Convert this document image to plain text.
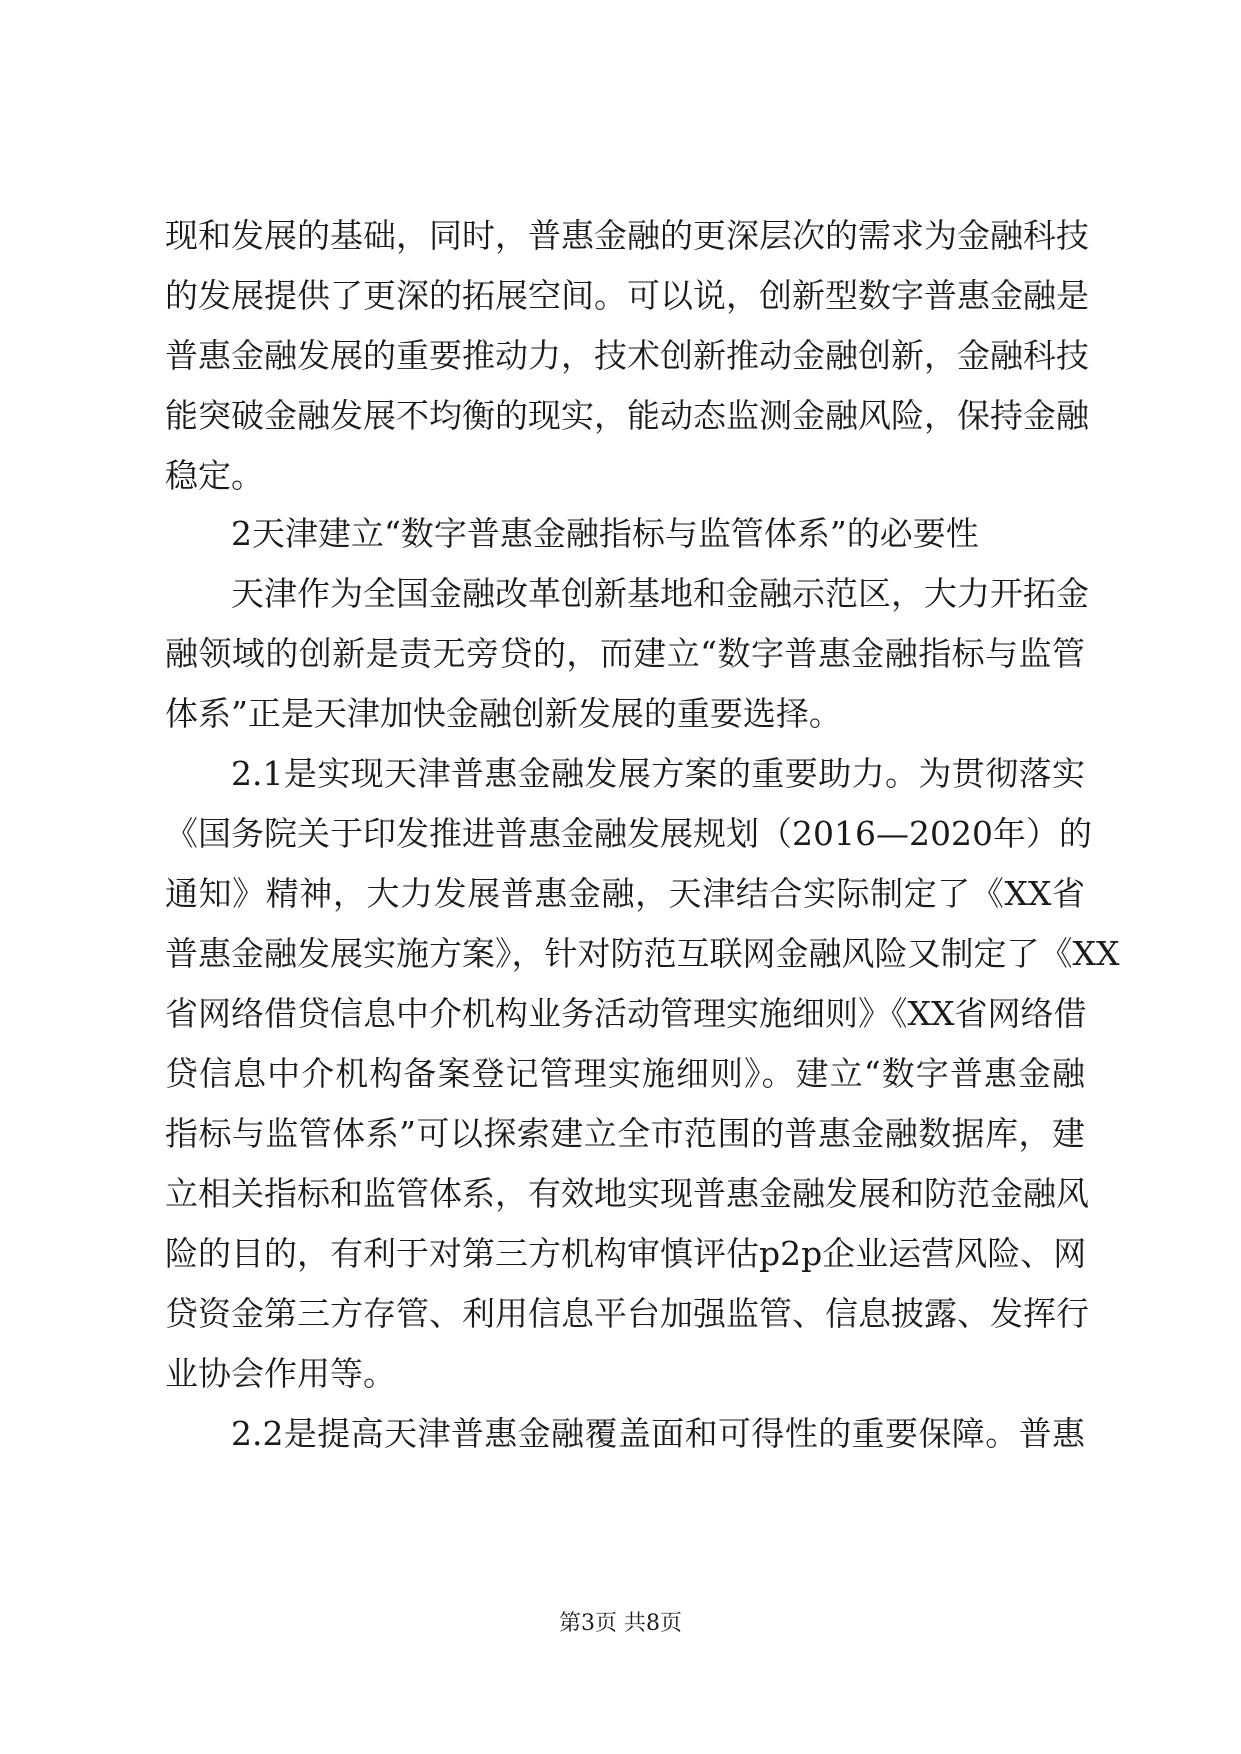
现和发展的基础，同时，普惠金融的更深层次的需求为金融科技
的发展提供了更深的拓展空间。可以说，创新型数字普惠金融是
普惠金融发展的重要推动力，技术创新推动金融创新，金融科技
能突破金融发展不均衡的现实，能动态监测金融风险，保持金融
稳定。
2天津建立“数字普惠金融指标与监管体系”的必要性
天津作为全国金融改革创新基地和金融示范区，大力开拓金
融领域的创新是责无旁贷的，而建立“数字普惠金融指标与监管
体系”正是天津加快金融创新发展的重要选择。
2.1是实现天津普惠金融发展方案的重要助力。为贯彻落实
《国务院关于印发推进普惠金融发展规划（2016—2020年）的
通知》精神，大力发展普惠金融，天津结合实际制定了《XX省
普惠金融发展实施方案》，针对防范互联网金融风险又制定了《XX
省网络借贷信息中介机构业务活动管理实施细则》《XX省网络借
贷信息中介机构备案登记管理实施细则》。建立“数字普惠金融
指标与监管体系”可以探索建立全市范围的普惠金融数据库，建
立相关指标和监管体系，有效地实现普惠金融发展和防范金融风
险的目的，有利于对第三方机构审慎评估p2p企业运营风险、网
贷资金第三方存管、利用信息平台加强监管、信息披露、发挥行
业协会作用等。
2.2是提高天津普惠金融覆盖面和可得性的重要保障。普惠
第3页 共8页
